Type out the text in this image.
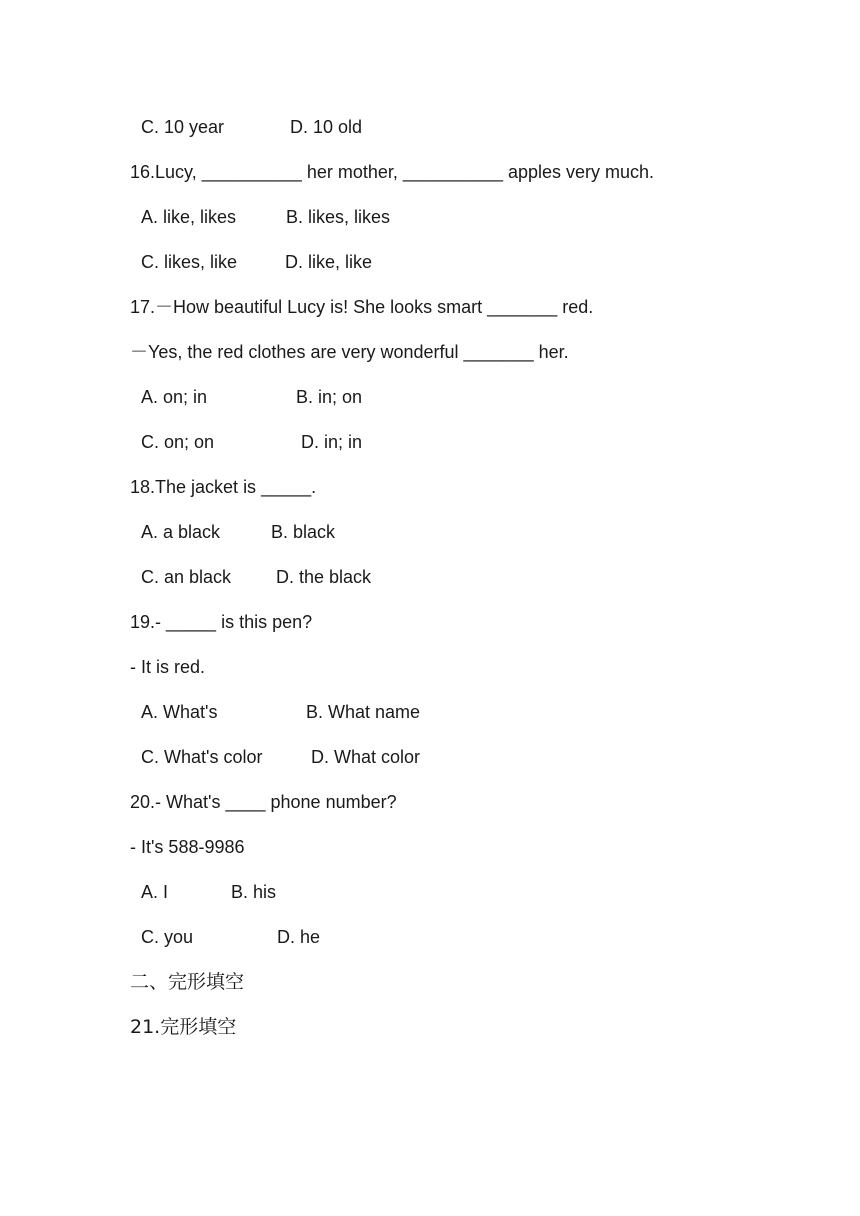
C. 10 year

	D. 10 old

16.Lucy, __________ her mother, __________ apples very much.

A. like, likes

	B. likes, likes

C. likes, like

	D. like, like

17.－How beautiful Lucy is! She looks smart _______ red.
－Yes, the red clothes are very wonderful _______ her.

A. on; in

	B. in; on

C. on; on

	D. in; in

18.The jacket is _____.

A. a black

	B. black

C. an black

D. the black

19.- _____ is this pen?
- It is red.

A. What's

	B. What name

C. What's color

	D. What color

20.- What's ____ phone number?
- It's 588-9986

A. I

	B. his

C. you

	D. he

二、完形填空
21.完形填空
